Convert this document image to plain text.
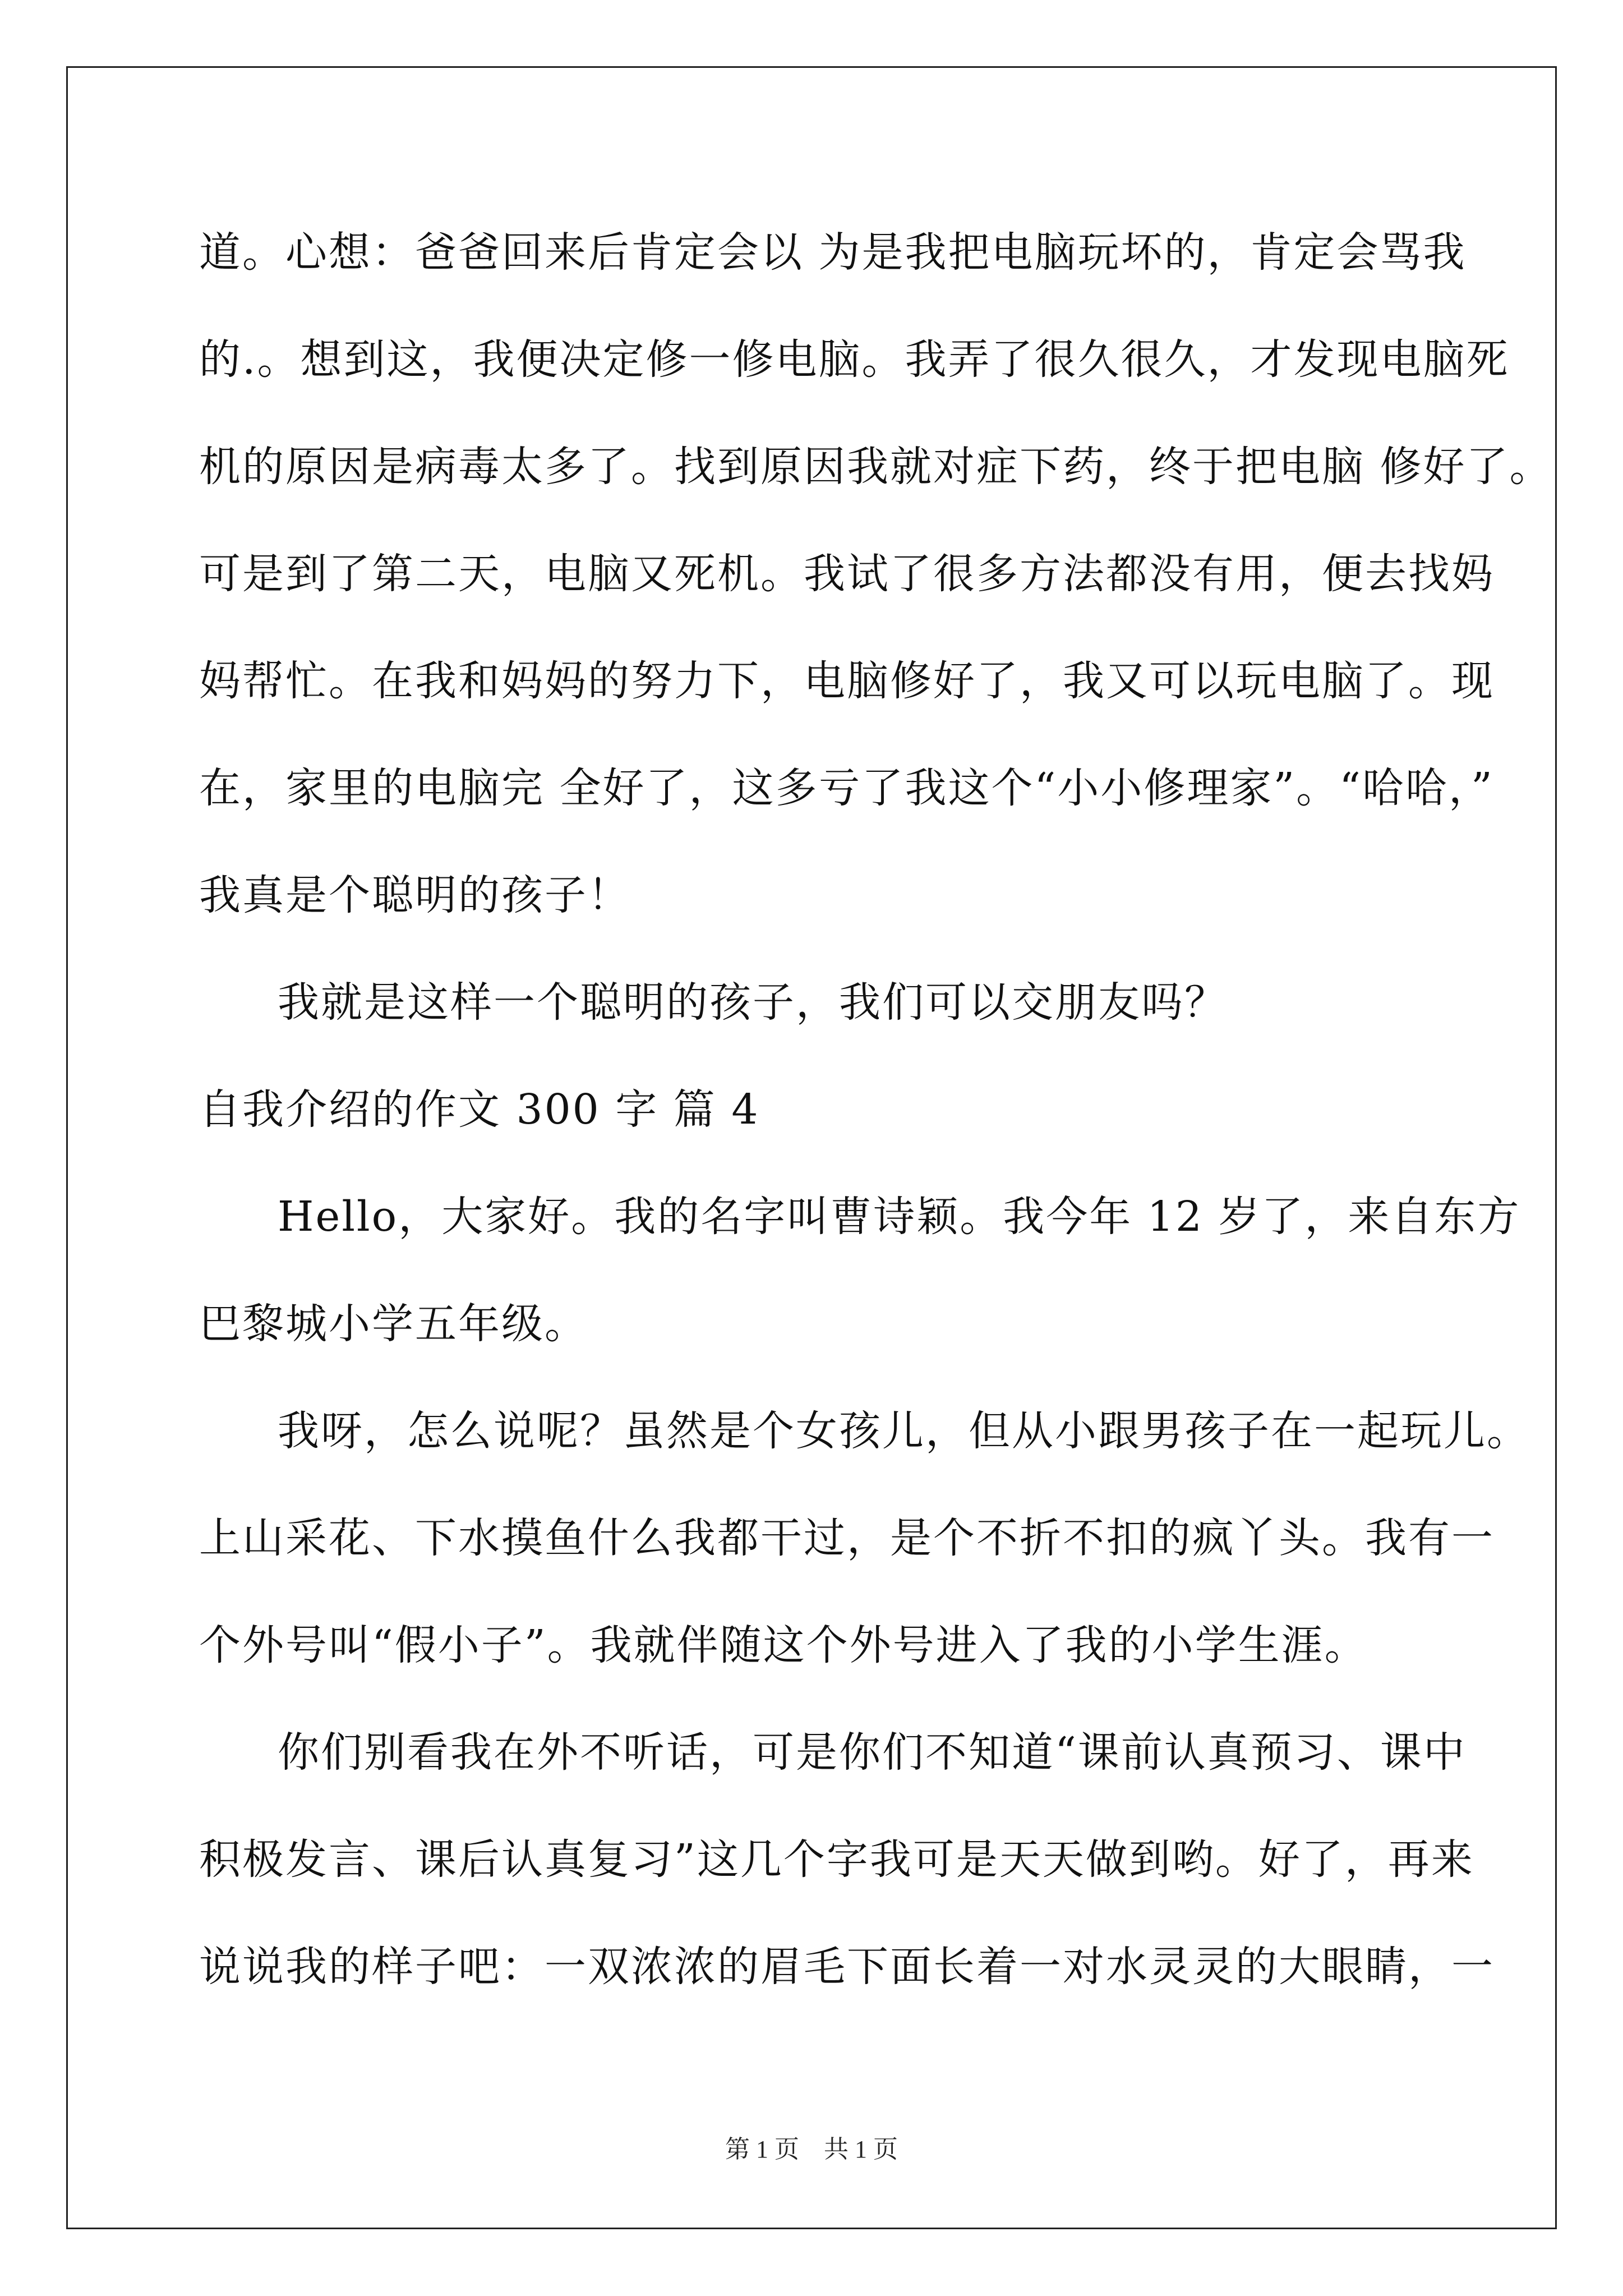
道。心想：爸爸回来后肯定会以 为是我把电脑玩坏的，肯定会骂我
的.。想到这，我便决定修一修电脑。我弄了很久很久，才发现电脑死
机的原因是病毒太多了。找到原因我就对症下药，终于把电脑 修好了。
可是到了第二天，电脑又死机。我试了很多方法都没有用，便去找妈
妈帮忙。在我和妈妈的努力下，电脑修好了，我又可以玩电脑了。现
在，家里的电脑完 全好了，这多亏了我这个“小小修理家”。“哈哈，”
我真是个聪明的孩子！
我就是这样一个聪明的孩子，我们可以交朋友吗？
自我介绍的作文 300 字 篇 4
Hello，大家好。我的名字叫曹诗颖。我今年 12 岁了，来自东方
巴黎城小学五年级。
我呀，怎么说呢？虽然是个女孩儿，但从小跟男孩子在一起玩儿。
上山采花、下水摸鱼什么我都干过，是个不折不扣的疯丫头。我有一
个外号叫“假小子”。我就伴随这个外号进入了我的小学生涯。
你们别看我在外不听话，可是你们不知道“课前认真预习、课中
积极发言、课后认真复习”这几个字我可是天天做到哟。好了，再来
说说我的样子吧：一双浓浓的眉毛下面长着一对水灵灵的大眼睛，一
第 1 页　共 1 页
